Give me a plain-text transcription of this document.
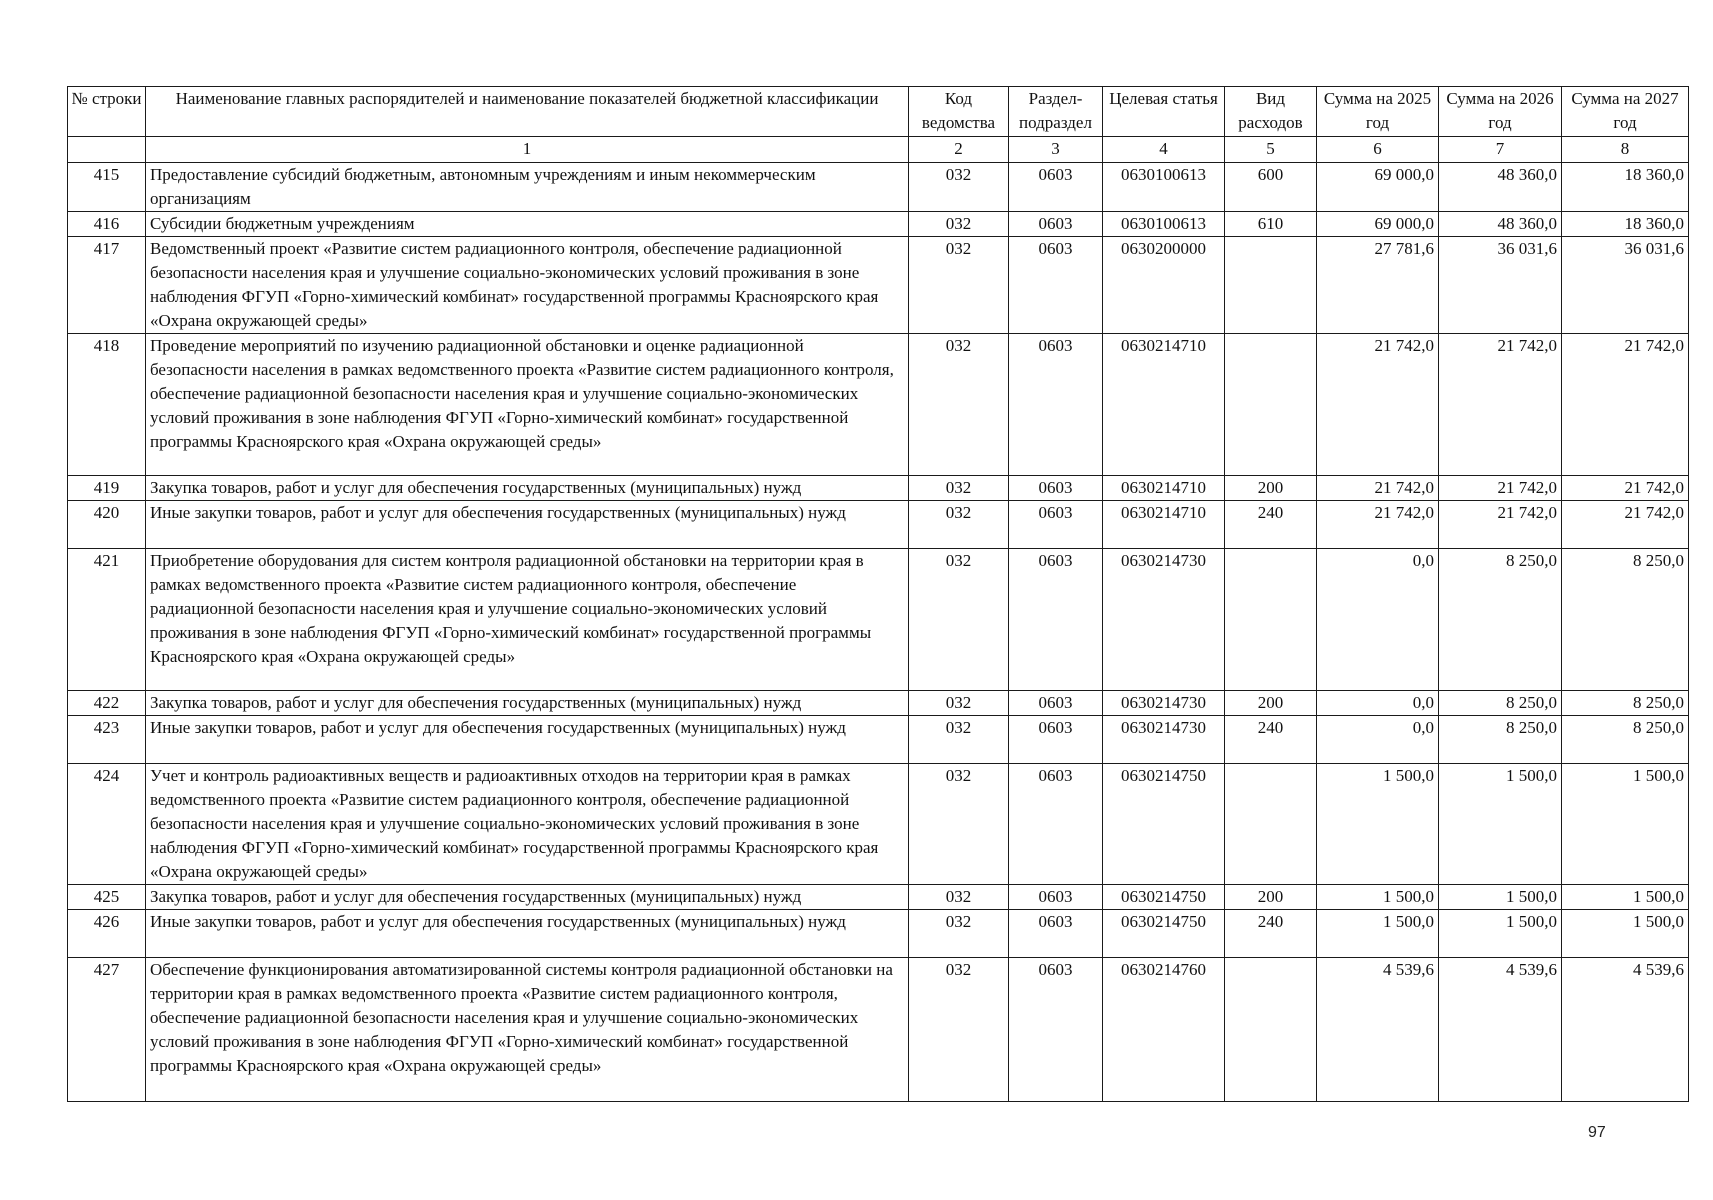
№ строки	Наименование главных распорядителей и наименование показателей бюджетной классификации	Код ведомства	Раздел-подраздел	Целевая статья	Вид расходов	Сумма на 2025 год	Сумма на 2026 год	Сумма на 2027 год
	1	2	3	4	5	6	7	8
415	Предоставление субсидий бюджетным, автономным учреждениям и иным некоммерческим организациям	032	0603	0630100613	600	69 000,0	48 360,0	18 360,0
416	Субсидии бюджетным учреждениям	032	0603	0630100613	610	69 000,0	48 360,0	18 360,0
417	Ведомственный проект «Развитие систем радиационного контроля, обеспечение радиационной безопасности населения края и улучшение социально-экономических условий проживания в зоне наблюдения ФГУП «Горно-химический комбинат» государственной программы Красноярского края «Охрана окружающей среды»	032	0603	0630200000		27 781,6	36 031,6	36 031,6
418	Проведение мероприятий по изучению радиационной обстановки и оценке радиационной безопасности населения в рамках ведомственного проекта «Развитие систем радиационного контроля, обеспечение радиационной безопасности населения края и улучшение социально-экономических условий проживания в зоне наблюдения ФГУП «Горно-химический комбинат» государственной программы Красноярского края «Охрана окружающей среды»	032	0603	0630214710		21 742,0	21 742,0	21 742,0
419	Закупка товаров, работ и услуг для обеспечения государственных (муниципальных) нужд	032	0603	0630214710	200	21 742,0	21 742,0	21 742,0
420	Иные закупки товаров, работ и услуг для обеспечения государственных (муниципальных) нужд	032	0603	0630214710	240	21 742,0	21 742,0	21 742,0
421	Приобретение оборудования для систем контроля радиационной обстановки на территории края в рамках ведомственного проекта «Развитие систем радиационного контроля, обеспечение радиационной безопасности населения края и улучшение социально-экономических условий проживания в зоне наблюдения ФГУП «Горно-химический комбинат» государственной программы Красноярского края «Охрана окружающей среды»	032	0603	0630214730		0,0	8 250,0	8 250,0
422	Закупка товаров, работ и услуг для обеспечения государственных (муниципальных) нужд	032	0603	0630214730	200	0,0	8 250,0	8 250,0
423	Иные закупки товаров, работ и услуг для обеспечения государственных (муниципальных) нужд	032	0603	0630214730	240	0,0	8 250,0	8 250,0
424	Учет и контроль радиоактивных веществ и радиоактивных отходов на территории края в рамках ведомственного проекта «Развитие систем радиационного контроля, обеспечение радиационной безопасности населения края и улучшение социально-экономических условий проживания в зоне наблюдения ФГУП «Горно-химический комбинат» государственной программы Красноярского края «Охрана окружающей среды»	032	0603	0630214750		1 500,0	1 500,0	1 500,0
425	Закупка товаров, работ и услуг для обеспечения государственных (муниципальных) нужд	032	0603	0630214750	200	1 500,0	1 500,0	1 500,0
426	Иные закупки товаров, работ и услуг для обеспечения государственных (муниципальных) нужд	032	0603	0630214750	240	1 500,0	1 500,0	1 500,0
427	Обеспечение функционирования автоматизированной системы контроля радиационной обстановки на территории края в рамках ведомственного проекта «Развитие систем радиационного контроля, обеспечение радиационной безопасности населения края и улучшение социально-экономических условий проживания в зоне наблюдения ФГУП «Горно-химический комбинат» государственной программы Красноярского края «Охрана окружающей среды»	032	0603	0630214760		4 539,6	4 539,6	4 539,6
97
